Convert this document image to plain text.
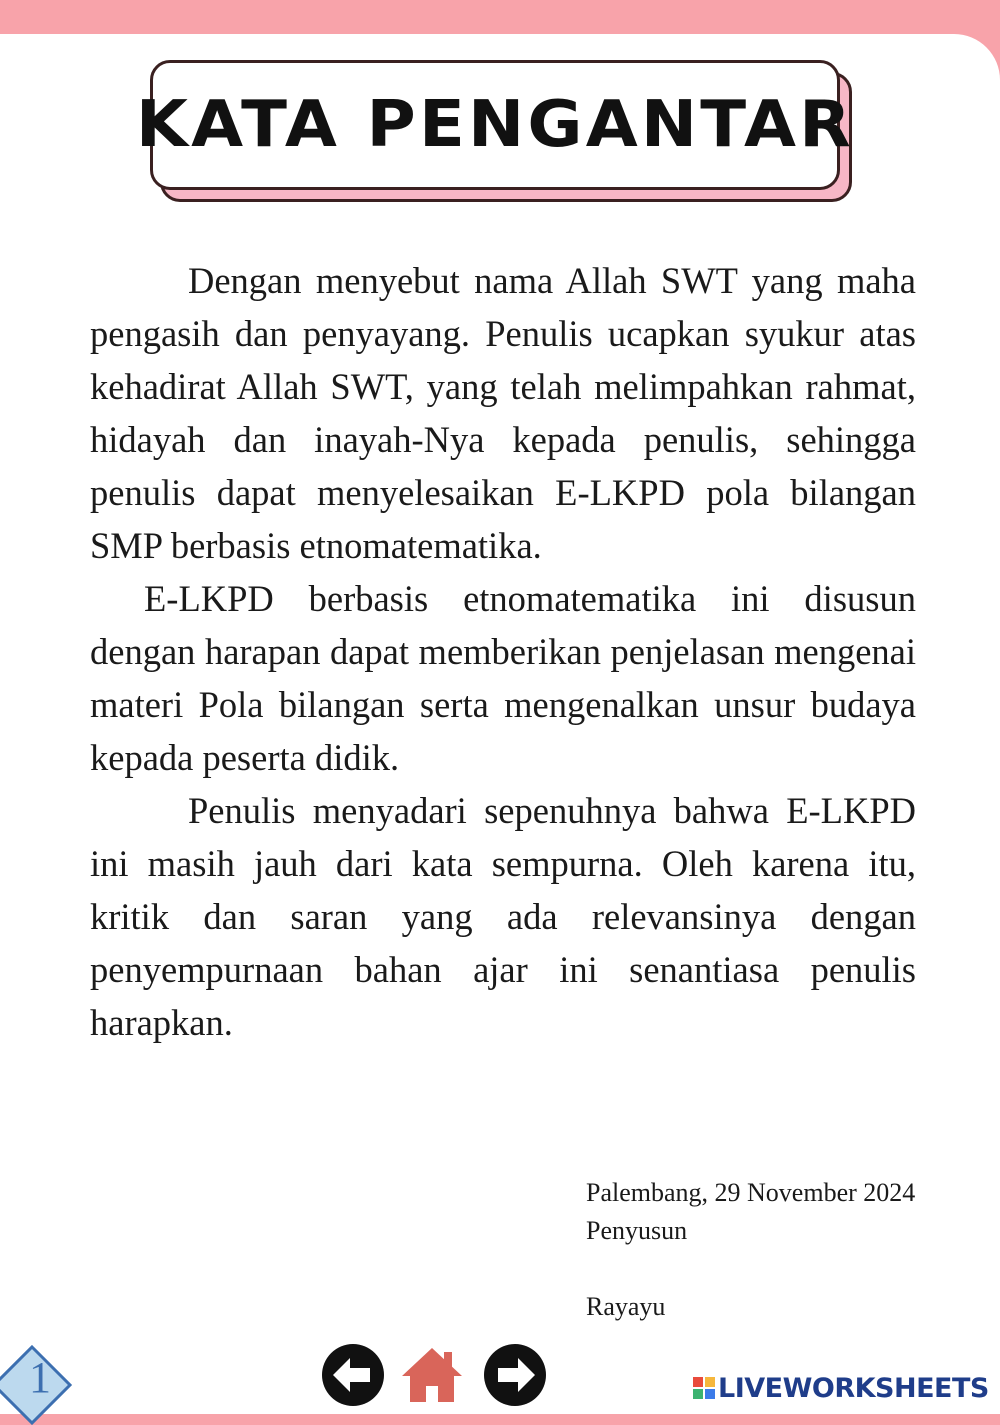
KATA PENGANTAR

Dengan menyebut nama Allah SWT yang maha pengasih dan penyayang. Penulis ucapkan syukur atas kehadirat Allah SWT, yang telah melimpahkan rahmat, hidayah dan inayah-Nya kepada penulis, sehingga penulis dapat menyelesaikan E-LKPD pola bilangan SMP berbasis etnomatematika.

E-LKPD berbasis etnomatematika ini disusun dengan harapan dapat memberikan penjelasan mengenai materi Pola bilangan serta mengenalkan unsur budaya kepada peserta didik.

Penulis menyadari sepenuhnya bahwa E-LKPD ini masih jauh dari kata sempurna. Oleh karena itu, kritik dan saran yang ada relevansinya dengan penyempurnaan bahan ajar ini senantiasa penulis harapkan.

Palembang, 29 November 2024
Penyusun
Rayayu
1	LIVEWORKSHEETS
